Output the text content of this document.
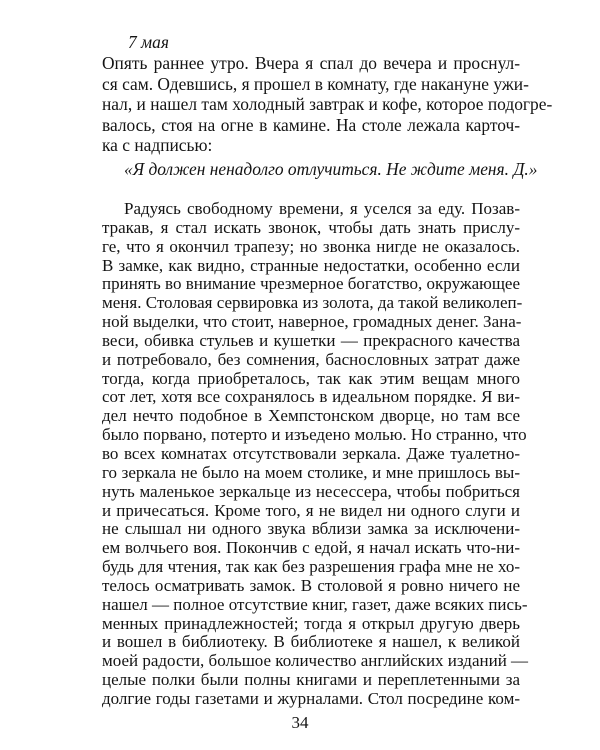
7 мая
Опять раннее утро. Вчера я спал до вечера и проснул-
ся сам. Одевшись, я прошел в комнату, где накануне ужи-
нал, и нашел там холодный завтрак и кофе, которое подогре-
валось, стоя на огне в камине. На столе лежала карточ-
ка с надписью:
«Я должен ненадолго отлучиться. Не ждите меня. Д.»
Радуясь свободному времени, я уселся за еду. Позав-
тракав, я стал искать звонок, чтобы дать знать прислу-
ге, что я окончил трапезу; но звонка нигде не оказалось.
В замке, как видно, странные недостатки, особенно если
принять во внимание чрезмерное богатство, окружающее
меня. Столовая сервировка из золота, да такой великолеп-
ной выделки, что стоит, наверное, громадных денег. Зана-
веси, обивка стульев и кушетки — прекрасного качества
и потребовало, без сомнения, баснословных затрат даже
тогда, когда приобреталось, так как этим вещам много
сот лет, хотя все сохранялось в идеальном порядке. Я ви-
дел нечто подобное в Хемпстонском дворце, но там все
было порвано, потерто и изъедено молью. Но странно, что
во всех комнатах отсутствовали зеркала. Даже туалетно-
го зеркала не было на моем столике, и мне пришлось вы-
нуть маленькое зеркальце из несессера, чтобы побриться
и причесаться. Кроме того, я не видел ни одного слуги и
не слышал ни одного звука вблизи замка за исключени-
ем волчьего воя. Покончив с едой, я начал искать что-ни-
будь для чтения, так как без разрешения графа мне не хо-
телось осматривать замок. В столовой я ровно ничего не
нашел — полное отсутствие книг, газет, даже всяких пись-
менных принадлежностей; тогда я открыл другую дверь
и вошел в библиотеку. В библиотеке я нашел, к великой
моей радости, большое количество английских изданий —
целые полки были полны книгами и переплетенными за
долгие годы газетами и журналами. Стол посредине ком-
34
